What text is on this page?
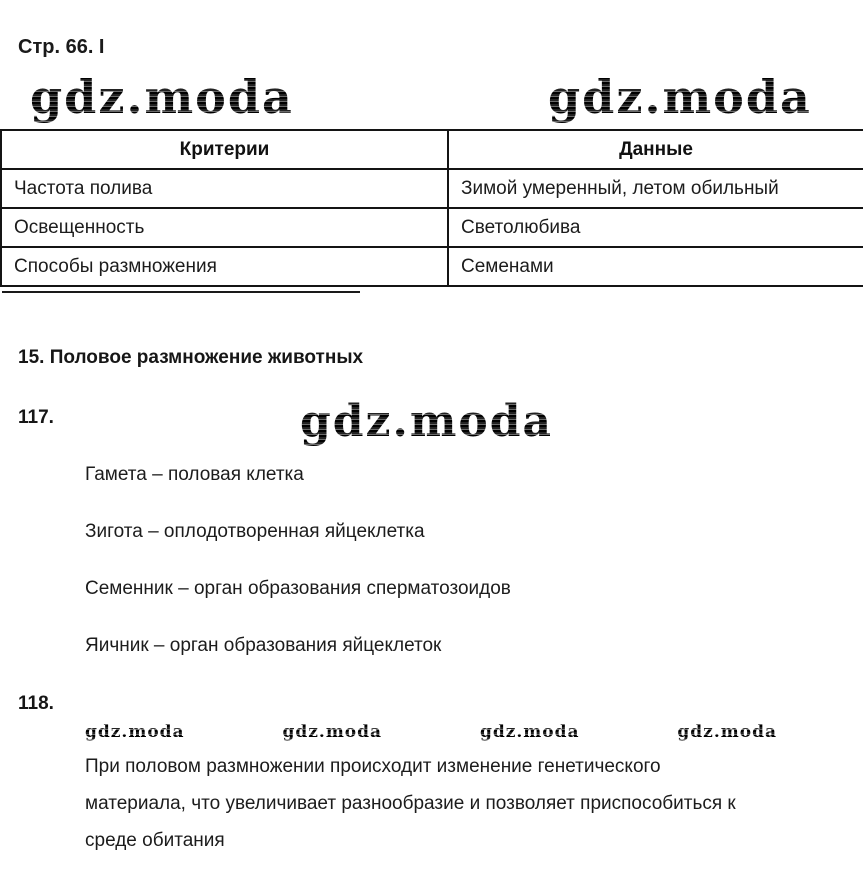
Стр. 66. I
gdz.moda	gdz.moda
Критерии	Данные
Частота полива	Зимой умеренный, летом обильный
Освещенность	Светолюбива
Способы размножения	Семенами
15. Половое размножение животных
117.	gdz.moda

Гамета – половая клетка

Зигота – оплодотворенная яйцеклетка

Семенник – орган образования сперматозоидов

Яичник – орган образования яйцеклеток

118.
gdz.moda	gdz.moda	gdz.moda	gdz.moda

При половом размножении происходит изменение генетического

материала, что увеличивает разнообразие и позволяет приспособиться к

среде обитания
